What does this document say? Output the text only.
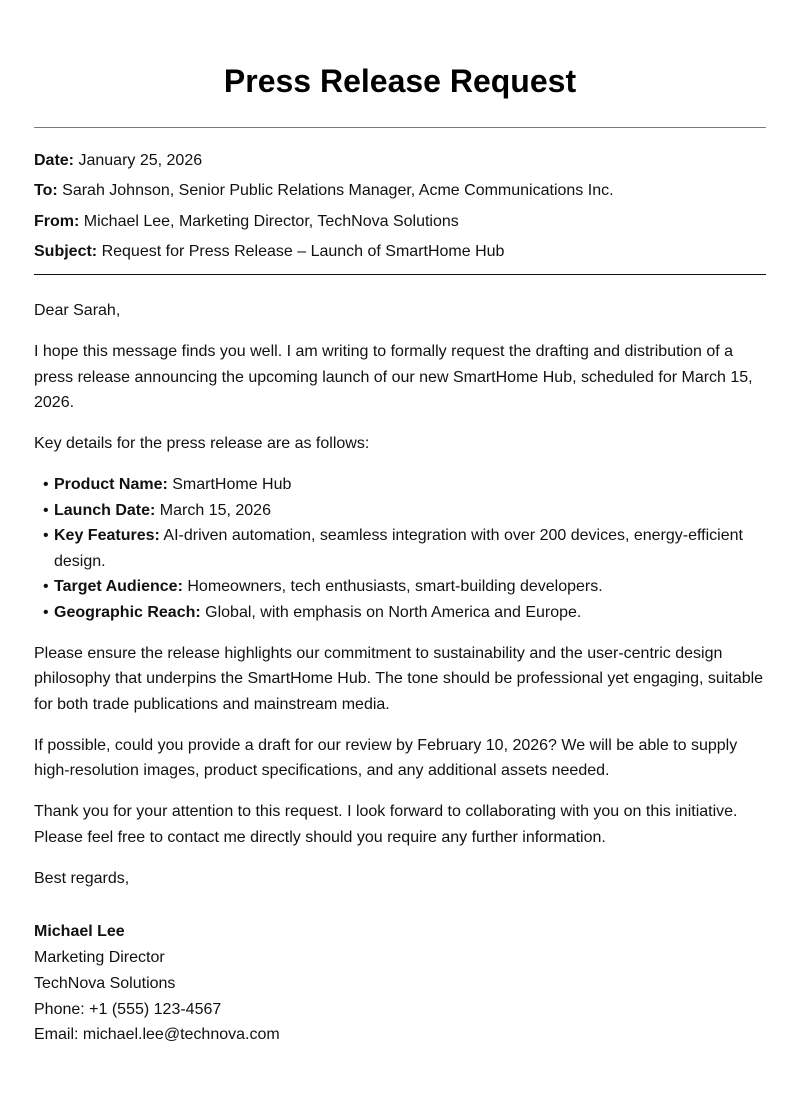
Press Release Request
Date: January 25, 2026
To: Sarah Johnson, Senior Public Relations Manager, Acme Communications Inc.
From: Michael Lee, Marketing Director, TechNova Solutions
Subject: Request for Press Release – Launch of SmartHome Hub

Dear Sarah,

I hope this message finds you well. I am writing to formally request the drafting and distribution of a press release announcing the upcoming launch of our new SmartHome Hub, scheduled for March 15, 2026.

Key details for the press release are as follows:

• Product Name: SmartHome Hub
• Launch Date: March 15, 2026
• Key Features: AI-driven automation, seamless integration with over 200 devices, energy-efficient design.
• Target Audience: Homeowners, tech enthusiasts, smart-building developers.
• Geographic Reach: Global, with emphasis on North America and Europe.

Please ensure the release highlights our commitment to sustainability and the user-centric design philosophy that underpins the SmartHome Hub. The tone should be professional yet engaging, suitable for both trade publications and mainstream media.

If possible, could you provide a draft for our review by February 10, 2026? We will be able to supply high-resolution images, product specifications, and any additional assets needed.

Thank you for your attention to this request. I look forward to collaborating with you on this initiative. Please feel free to contact me directly should you require any further information.

Best regards,

Michael Lee
Marketing Director
TechNova Solutions
Phone: +1 (555) 123-4567
Email: michael.lee@technova.com
